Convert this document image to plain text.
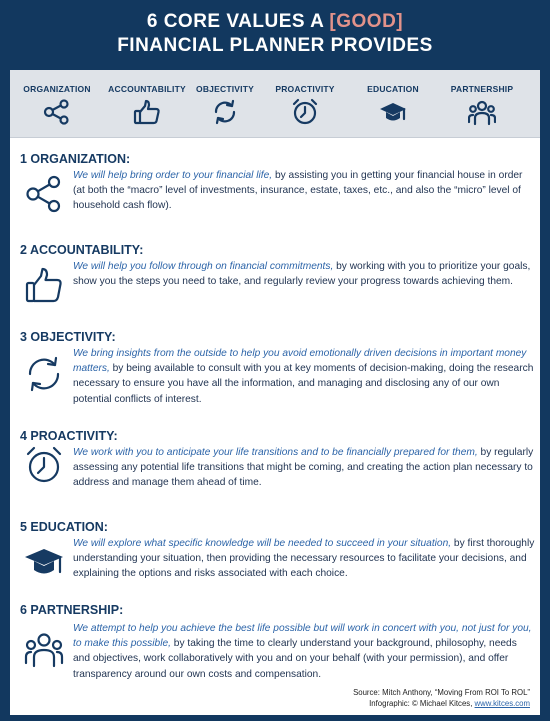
6 CORE VALUES A [GOOD]
FINANCIAL PLANNER PROVIDES
ORGANIZATION	ACCOUNTABILITY	OBJECTIVITY	PROACTIVITY	EDUCATION	PARTNERSHIP
1 ORGANIZATION:
We will help bring order to your financial life, by assisting you in getting your financial house in order (at both the “macro” level of investments, insurance, estate, taxes, etc., and also the “micro” level of household cash flow).
2 ACCOUNTABILITY:
We will help you follow through on financial commitments, by working with you to prioritize your goals, show you the steps you need to take, and regularly review your progress towards achieving them.
3 OBJECTIVITY:
We bring insights from the outside to help you avoid emotionally driven decisions in important money matters, by being available to consult with you at key moments of decision-making, doing the research necessary to ensure you have all the information, and managing and disclosing any of our own potential conflicts of interest.
4 PROACTIVITY:
We work with you to anticipate your life transitions and to be financially prepared for them, by regularly assessing any potential life transitions that might be coming, and creating the action plan necessary to address and manage them ahead of time.
5 EDUCATION:
We will explore what specific knowledge will be needed to succeed in your situation, by first thoroughly understanding your situation, then providing the necessary resources to facilitate your decisions, and explaining the options and risks associated with each choice.
6 PARTNERSHIP:
We attempt to help you achieve the best life possible but will work in concert with you, not just for you, to make this possible, by taking the time to clearly understand your background, philosophy, needs and objectives, work collaboratively with you and on your behalf (with your permission), and offer transparency around our own costs and compensation.
Source: Mitch Anthony, “Moving From ROI To ROL”
Infographic: © Michael Kitces, www.kitces.com
